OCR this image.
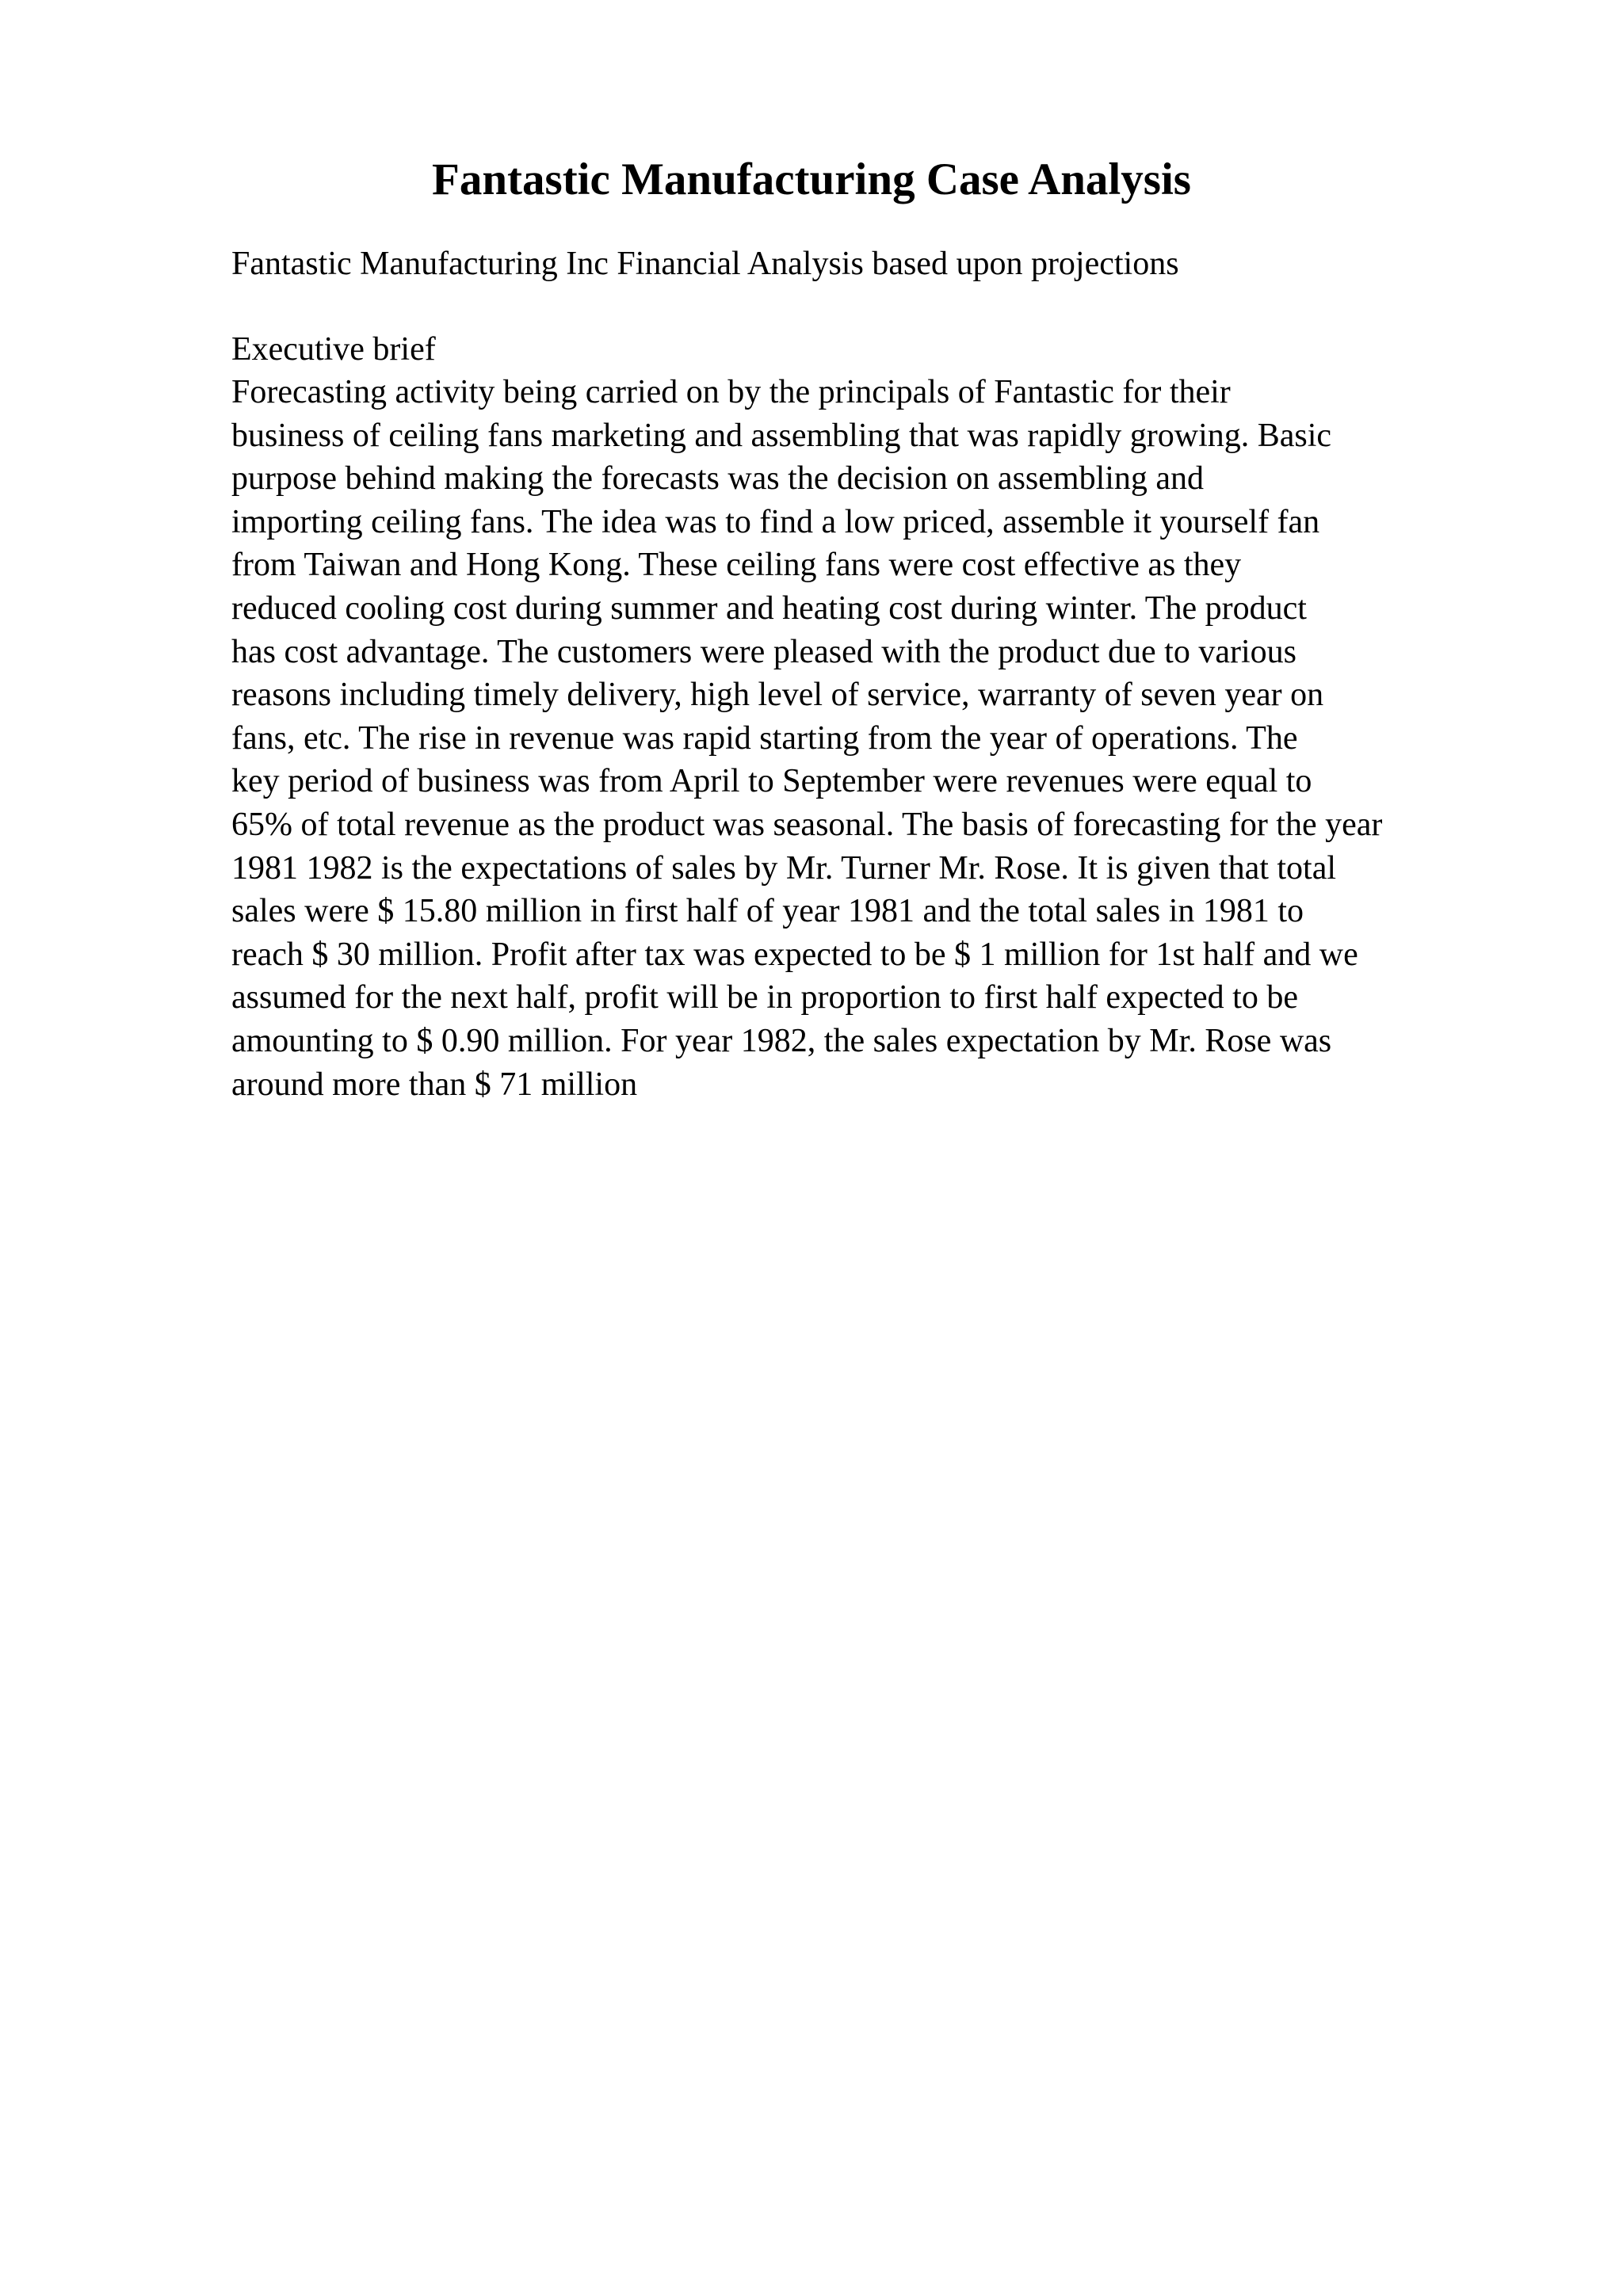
Fantastic Manufacturing Case Analysis

Fantastic Manufacturing Inc Financial Analysis based upon projections

Executive brief
Forecasting activity being carried on by the principals of Fantastic for their
business of ceiling fans marketing and assembling that was rapidly growing. Basic
purpose behind making the forecasts was the decision on assembling and
importing ceiling fans. The idea was to find a low priced, assemble it yourself fan
from Taiwan and Hong Kong. These ceiling fans were cost effective as they
reduced cooling cost during summer and heating cost during winter. The product
has cost advantage. The customers were pleased with the product due to various
reasons including timely delivery, high level of service, warranty of seven year on
fans, etc. The rise in revenue was rapid starting from the year of operations. The
key period of business was from April to September were revenues were equal to
65% of total revenue as the product was seasonal. The basis of forecasting for the year
1981 1982 is the expectations of sales by Mr. Turner Mr. Rose. It is given that total
sales were $ 15.80 million in first half of year 1981 and the total sales in 1981 to
reach $ 30 million. Profit after tax was expected to be $ 1 million for 1st half and we
assumed for the next half, profit will be in proportion to first half expected to be
amounting to $ 0.90 million. For year 1982, the sales expectation by Mr. Rose was
around more than $ 71 million
